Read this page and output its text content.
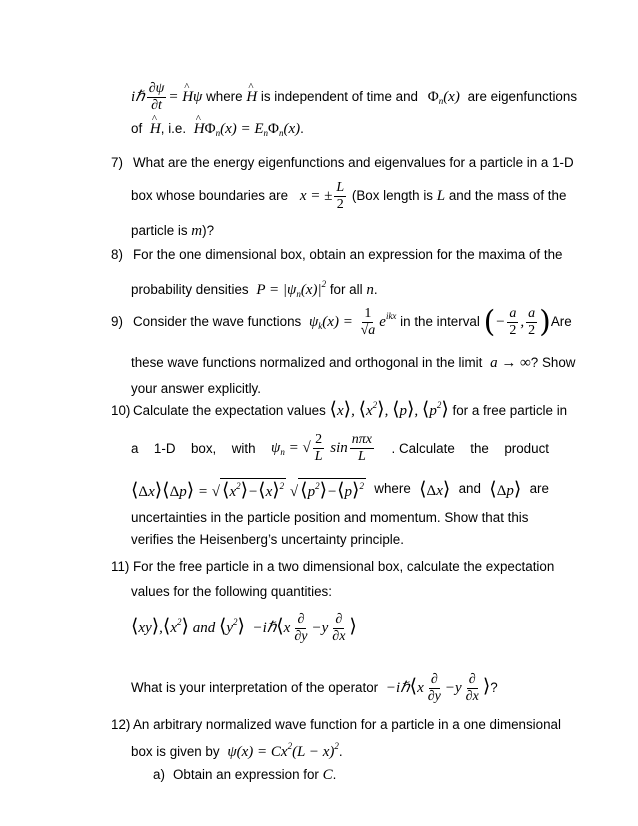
iℏ $\frac{\partial\psi}{\partial t}$ = ^ Hψ where ^ H is independent of time and $\Phi_n(x)$ are eigenfunctions
of ^ H, i.e. ^ $H\Phi_n(x) = E_n\Phi_n(x)$.
7) What are the energy eigenfunctions and eigenvalues for a particle in a 1-D
box whose boundaries are x = ± $\frac{L}{2} (Box$ length is L and the mass of the
particle is m)?
8) For the one dimensional box, obtain an expression for the maxima of the
probability densities $P = |\psi_n(x)|^2$ for all n.
9) Consider the wave functions $\psi_k(x) = \frac{1}{√a} e^{ikx}$ in the interval (− $\frac{a}{2}$ , $\frac{a}{2} )Are$
these wave functions normalized and orthogonal in the limit a → ∞? Show
your answer explicitly.
10) Calculate the expectation values ⟨x⟩, $⟨x^2⟩$, ⟨p⟩, $⟨p^2⟩$ for a free particle in
a 1-D box, with $\psi_n$ = √ $\frac{2}{L}$ $\sin \frac{\text{nπx}}{L}$ . Calculate the product
⟨Δx⟩⟨Δp⟩ = √ $⟨x^2⟩-⟨x⟩^2$ √ $⟨p^2⟩-⟨p⟩^2$ where ⟨Δx⟩ and ⟨Δp⟩ are
uncertainties in the particle position and momentum. Show that this
verifies the Heisenberg’s uncertainty principle.
11) For the free particle in a two dimensional box, calculate the expectation
values for the following quantities:
$⟨xy⟩,⟨x^2⟩$ and $⟨y^2⟩$  −iℏ⟨x $\frac{\partial}{\partial y} -y \frac{\partial}{\partial x}$ ⟩
What is your interpretation of the operator −iℏ⟨x $\frac{\partial}{\partial y} -y \frac{\partial}{\partial x}$ ⟩?
12) An arbitrary normalized wave function for a particle in a one dimensional
box is given by $\psi(x) = Cx^2(L - x)^2$.
a) Obtain an expression for C.
